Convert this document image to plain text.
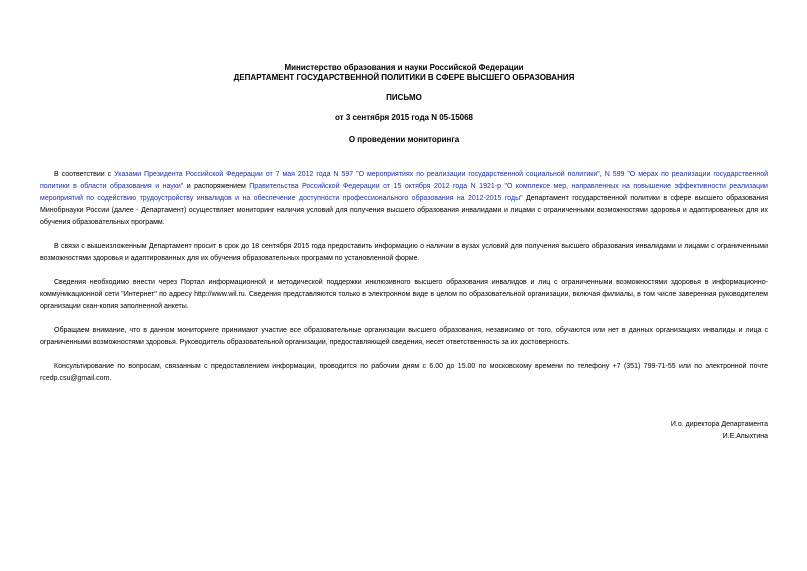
Министерство образования и науки Российской Федерации
ДЕПАРТАМЕНТ ГОСУДАРСТВЕННОЙ ПОЛИТИКИ В СФЕРЕ ВЫСШЕГО ОБРАЗОВАНИЯ
ПИСЬМО
от 3 сентября 2015 года N 05-15068
О проведении мониторинга

В соответствии с Указами Президента Российской Федерации от 7 мая 2012 года N 597 "О мероприятиях по реализации государственной социальной политики", N 599 "О мерах по реализации государственной политики в области образования и науки" и распоряжением Правительства Российской Федерации от 15 октября 2012 года N 1921-р "О комплексе мер, направленных на повышение эффективности реализации мероприятий по содействию трудоустройству инвалидов и на обеспечение доступности профессионального образования на 2012-2015 годы" Департамент государственной политики в сфере высшего образования Минобрнауки России (далее - Департамент) осуществляет мониторинг наличия условий для получения высшего образования инвалидами и лицами с ограниченными возможностями здоровья и адаптированных для их обучения образовательных программ.

В связи с вышеизложенным Департамент просит в срок до 18 сентября 2015 года предоставить информацию о наличии в вузах условий для получения высшего образования инвалидами и лицами с ограниченными возможностями здоровья и адаптированных для их обучения образовательных программ по установленной форме.

Сведения необходимо внести через Портал информационной и методической поддержки инклюзивного высшего образования инвалидов и лиц с ограниченными возможностями здоровья в информационно-коммуникационной сети "Интернет" по адресу http://www.wil.ru. Сведения представляются только в электронном виде в целом по образовательной организации, включая филиалы, в том числе заверенная руководителем организации скан-копия заполненной анкеты.

Обращаем внимание, что в данном мониторинге принимают участие все образовательные организации высшего образования, независимо от того, обучаются или нет в данных организациях инвалиды и лица с ограниченными возможностями здоровья. Руководитель образовательной организации, предоставляющей сведения, несет ответственность за их достоверность.

Консультирование по вопросам, связанным с предоставлением информации, проводится по рабочим дням с 6.00 до 15.00 по московскому времени по телефону +7 (351) 799-71-55 или по электронной почте rcedp.csu@gmail.com.

И.о. директора Департамента
И.Е.Апыхтина
